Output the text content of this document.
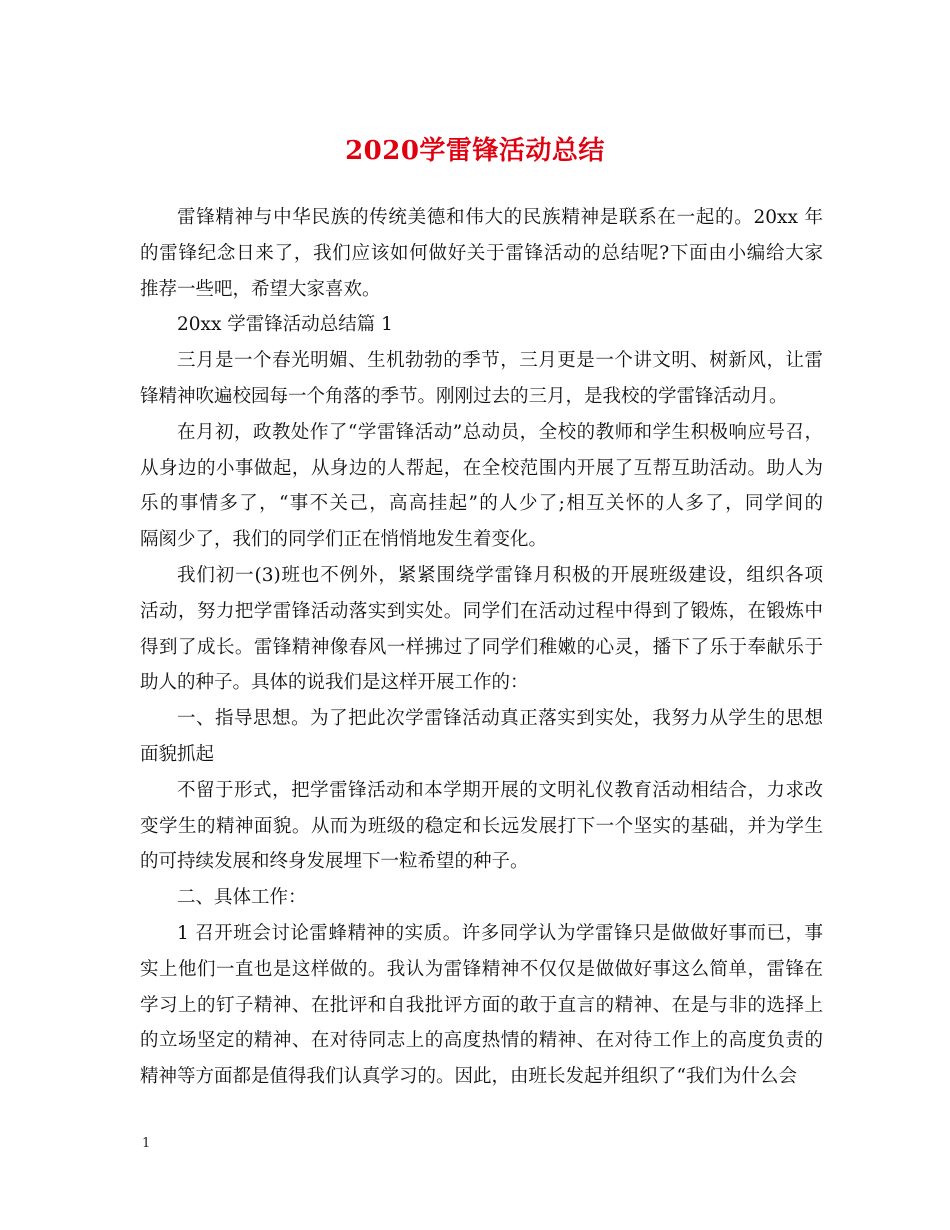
2020学雷锋活动总结
雷锋精神与中华民族的传统美德和伟大的民族精神是联系在一起的。20xx 年
的雷锋纪念日来了，我们应该如何做好关于雷锋活动的总结呢?下面由小编给大家
推荐一些吧，希望大家喜欢。
20xx 学雷锋活动总结篇 1
三月是一个春光明媚、生机勃勃的季节，三月更是一个讲文明、树新风，让雷
锋精神吹遍校园每一个角落的季节。刚刚过去的三月，是我校的学雷锋活动月。
在月初，政教处作了“学雷锋活动”总动员，全校的教师和学生积极响应号召，
从身边的小事做起，从身边的人帮起，在全校范围内开展了互帮互助活动。助人为
乐的事情多了，“事不关己，高高挂起”的人少了;相互关怀的人多了，同学间的
隔阂少了，我们的同学们正在悄悄地发生着变化。
我们初一(3)班也不例外，紧紧围绕学雷锋月积极的开展班级建设，组织各项
活动，努力把学雷锋活动落实到实处。同学们在活动过程中得到了锻炼，在锻炼中
得到了成长。雷锋精神像春风一样拂过了同学们稚嫩的心灵，播下了乐于奉献乐于
助人的种子。具体的说我们是这样开展工作的：
一、指导思想。为了把此次学雷锋活动真正落实到实处，我努力从学生的思想
面貌抓起
不留于形式，把学雷锋活动和本学期开展的文明礼仪教育活动相结合，力求改
变学生的精神面貌。从而为班级的稳定和长远发展打下一个坚实的基础，并为学生
的可持续发展和终身发展埋下一粒希望的种子。
二、具体工作：
1 召开班会讨论雷蜂精神的实质。许多同学认为学雷锋只是做做好事而已，事
实上他们一直也是这样做的。我认为雷锋精神不仅仅是做做好事这么简单，雷锋在
学习上的钉子精神、在批评和自我批评方面的敢于直言的精神、在是与非的选择上
的立场坚定的精神、在对待同志上的高度热情的精神、在对待工作上的高度负责的
精神等方面都是值得我们认真学习的。因此，由班长发起并组织了“我们为什么会
1
